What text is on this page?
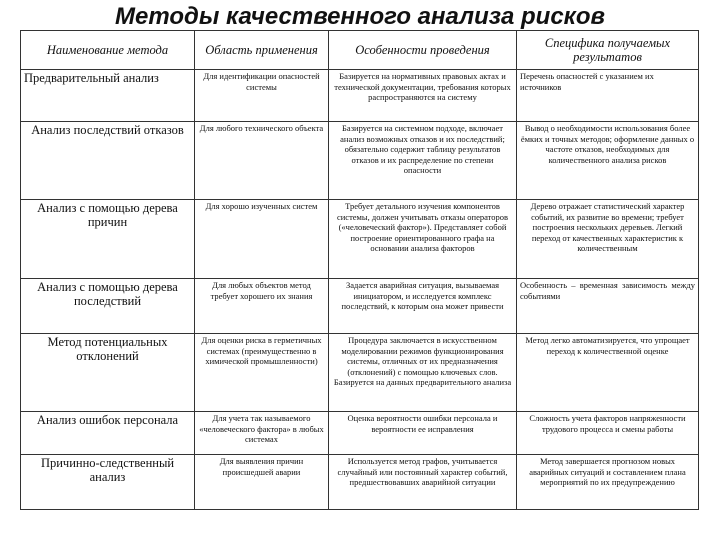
Методы качественного анализа рисков
Наименование метода	Область применения	Особенности проведения	Специфика получаемых результатов
Предварительный анализ	Для идентификации опасностей системы	Базируется на нормативных правовых актах и технической документации, требования которых распространяются на систему	Перечень опасностей с указанием их источников
Анализ последствий отказов	Для любого технического объекта	Базируется на системном подходе, включает анализ возможных отказов и их последствий; обязательно содержит таблицу результатов отказов и их распределение по степени опасности	Вывод о необходимости использования более ёмких и точных методов; оформление данных о частоте отказов, необходимых для количественного анализа рисков
Анализ с помощью дерева причин	Для хорошо изученных систем	Требует детального изучения компонентов системы, должен учитывать отказы операторов («человеческий фактор»). Представляет собой построение ориентированного графа на основании анализа факторов	Дерево отражает статистический характер событий, их развитие во времени; требует построения нескольких деревьев. Легкий переход от качественных характеристик к количественным
Анализ с помощью дерева последствий	Для любых объектов метод требует хорошего их знания	Задается аварийная ситуация, вызываемая инициатором, и исследуется комплекс последствий, к которым она может привести	Особенность – временная зависимость между событиями
Метод потенциальных отклонений	Для оценки риска в герметичных системах (преимущественно в химической промышленности)	Процедура заключается в искусственном моделировании режимов функционирования системы, отличных от их предназначения (отклонений) с помощью ключевых слов. Базируется на данных предварительного анализа	Метод легко автоматизируется, что упрощает переход к количественной оценке
Анализ ошибок персонала	Для учета так называемого «человеческого фактора» в любых системах	Оценка вероятности ошибки персонала и вероятности ее исправления	Сложность учета факторов напряженности трудового процесса и смены работы
Причинно-следственный анализ	Для выявления причин происшедшей аварии	Используется метод графов, учитывается случайный или постоянный характер событий, предшествовавших аварийной ситуации	Метод завершается прогнозом новых аварийных ситуаций и составлением плана мероприятий по их предупреждению
